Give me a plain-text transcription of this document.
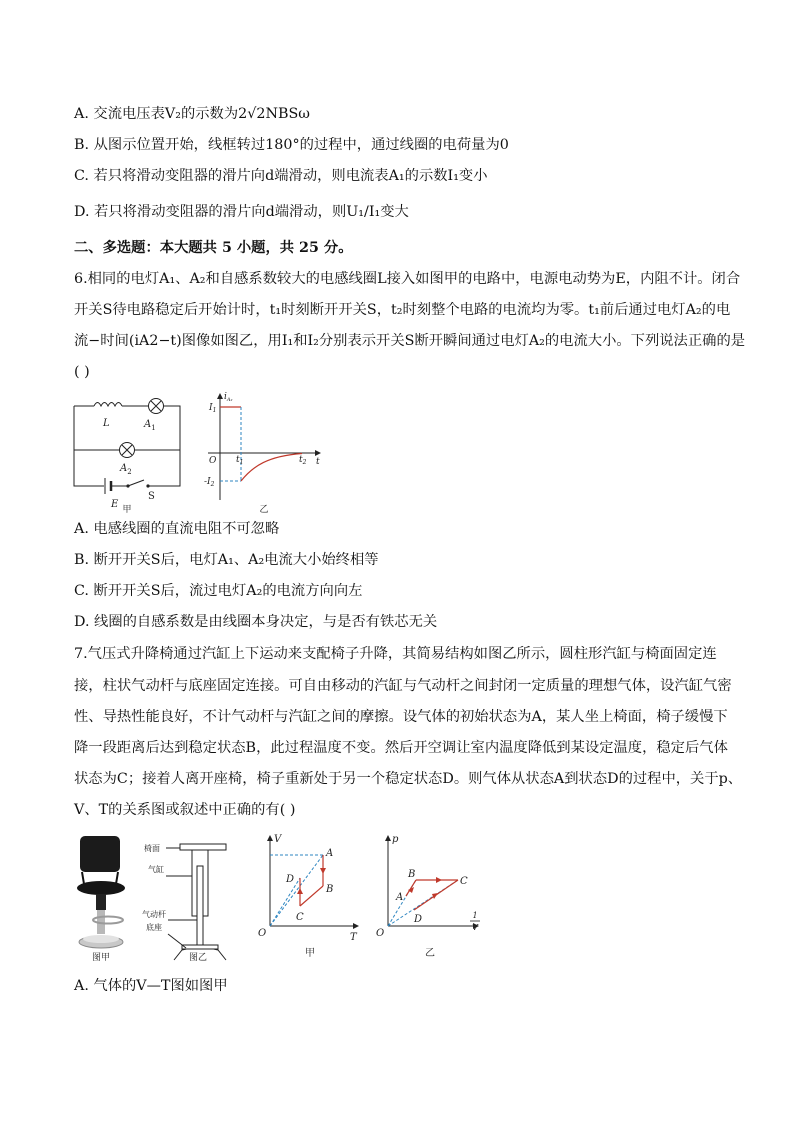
A. 交流电压表V₂的示数为2√2NBSω
B. 从图示位置开始，线框转过180°的过程中，通过线圈的电荷量为0
C. 若只将滑动变阻器的滑片向d端滑动，则电流表A₁的示数I₁变小
D. 若只将滑动变阻器的滑片向d端滑动，则U₁/I₁变大
二、多选题：本大题共 5 小题，共 25 分。
6.相同的电灯A₁、A₂和自感系数较大的电感线圈L接入如图甲的电路中，电源电动势为E，内阻不计。闭合
开关S待电路稳定后开始计时，t₁时刻断开开关S，t₂时刻整个电路的电流均为零。t₁前后通过电灯A₂的电
流−时间(iA2−t)图像如图乙，用I₁和I₂分别表示开关S断开瞬间通过电灯A₂的电流大小。下列说法正确的是
( )
L	$A_1$
$A_2$
E
S
甲
$i_{A_2}$
t
O
$I_1$
$-I_2$
$t_1$	$t_2$
乙
A. 电感线圈的直流电阻不可忽略
B. 断开开关S后，电灯A₁、A₂电流大小始终相等
C. 断开开关S后，流过电灯A₂的电流方向向左
D. 线圈的自感系数是由线圈本身决定，与是否有铁芯无关
7.气压式升降椅通过汽缸上下运动来支配椅子升降，其简易结构如图乙所示，圆柱形汽缸与椅面固定连
接，柱状气动杆与底座固定连接。可自由移动的汽缸与气动杆之间封闭一定质量的理想气体，设汽缸气密
性、导热性能良好，不计气动杆与汽缸之间的摩擦。设气体的初始状态为A，某人坐上椅面，椅子缓慢下
降一段距离后达到稳定状态B，此过程温度不变。然后开空调让室内温度降低到某设定温度，稳定后气体
状态为C；接着人离开座椅，椅子重新处于另一个稳定状态D。则气体从状态A到状态D的过程中，关于p、
V、T的关系图或叙述中正确的有( )
图甲
椅面
气缸
气动杆
底座
图乙
V
T
O
A
B
C
D
甲
p
1
V
O
A
B
C
D
乙
A. 气体的V—T图如图甲
